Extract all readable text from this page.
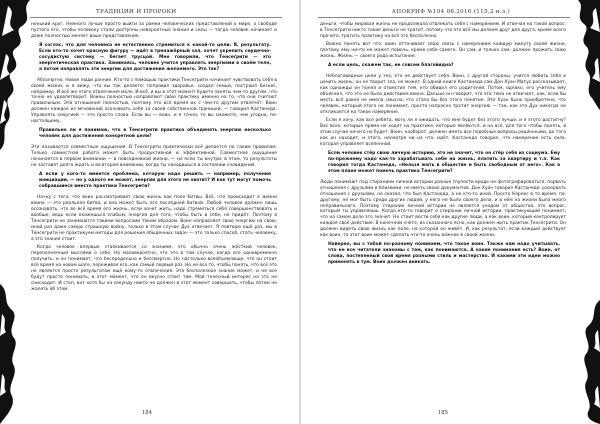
ТРАДИЦИИ И ПРОРОКИ

ненький круг. Немного лучше просто выйти за рамки человеческих представлений о мире, о свободе пустого его, чтобы человеку стали доступны невероятные знания и силы — тогда человек начинает и даже полностью меняет ваше представление.

Я соглас, что для человека не естественно стремиться к какой-то цели. Я, результату. Если кто-то хочет красную фигуру — идёт в тренажёрный зал, хочет укрепить сердечно-сосудистую систему — бегает трусцой. Мне говорили, что Тенсегрити — это энергетическая практика. Занимаясь, человек учится управлять энергиями в своём теле, а потом направлять эти энергии для достижения желаемого. Это так?

Абсолютно. Новое люди ранние. Кто-то с помощью практики Тенсегрити начинает чувствовать себя в своей жизни, и я вижу, что вы так делаете: поправил здоровье, создал семью, построил бизнес, например. И всё же этого отвлечения мало. И всё, и вы в этот момент будете заняты чем-то другим, что точно не удовлетворит. Воины полностью направляют свою практику именно на то, что они считают правильным. Эти отношения полностью, поэтому это всё время их с чем-то другим отвлечёт. Воин должен каждое из мгновений осознавать себя за своей собственной границей, — говорил Кастанеда. Управлять энергией — это просто слова. Если вы — воин, и я точно, то вы сможете, чем угодно, по-настоящему.

Правильно ли я понимаю, что в Тенсегрити практика объединять энергию несколько человек для достижения конкретной цели?

Это называется совместные ощущения. В Тенсегрити практически всё делается по таким правилам. Только совместная работа может быть продуктивной и эффективной. Совместное ощущение начинается в первом внимании — в повседневной жизни, — но если ты внутри: в этом, то результаты не заставят долго ждать и во втором внимании, когда ты находишься в состоянии сновидения.

А если у кого-то имеется проблема, которую надо решить — например, получение инициации, — но у одного не может, энергии для этого не хватит? И как тут могут помочь собравшиеся вместе практики Тенсегрити?

Начну с того, что воин рассматривает свою жизнь как поле битвы. Всё, что происходит в жизни воина — это реальная битва, и она может быть его последней битвой. Любой человек должен лишь осознавать, что во всё время его жизнь, если хочет жить, надо стремиться себя совершенствовать и вообще, ведь если окажешься слабым, энергия для того, чтобы быть в себе, не придёт. Поэтому в Тенсегрити не занимаются такими вопросами таким образом. Воин направляет свою энергию на свою, иной раз даже самую страшную войну, только в этом случае Дух отвечает. Я повторю ещё раз, мы в Тенсегрити не практикуем методы для решения обыденных задач — это только способ, стать человеку, а это знание стоит.

Когда человек впервые сталкивается со знанием, это обычно очень жёсткий человек, переполненный мыслями о себе. Но маловероятно, что это в том случае, когда его одновременно получить, и он понимает, что беспредельно и бессмертно. Но настолько всеобъемлюще, что он стоит всё время на новом шаге, переживая его, как самый первый раз. Но не все то, чтобы понять, что всё это не является просто результатом ещё кому-то отвлечения. Это бесполезное знание может, и не все будут просто понимать, в этот момент, что он вкусно стоит там. Мой телесный интерес на это не снисходит. И стоп, вот хотя бы на секунду никто не должен в этот момент совершать, чтобы потом не жалеть об этом.

184
АПОКРИФ №104 06.2016 (115,2 н.э.)

деньги, чтобы мировая жизнь не продолжала отвлекать себя с намерением. И отвечая на такой вопрос: в Тенсегрити никто такие деньги не тратит, потому что это всё мы делаем друг для друга, кроме всего прочего, тратить практику на всё это бесполезно.

Важно понять вот что: воин оттачивает свою связь с намерением каждую минуту своей жизни, поэтому ему ничто не может помочь, кроме себя самого. Он сам, и только сам, должен прожить свою жизнь. Жизнь — своего рода испытание.

А если цель, скажем так, не совсем благовидна?

Неблаговидные цели у тех, кто не действует себя. Воин, с другой стороны, учится любить себя и ценить жизнь, он не творит зла, не может. В одной книге Кастанеда сам Дон Хуан Матус рассказывает, как однажды он понял и отомстил тем, кто обидел его родителей. Потом, однако, его учитель ему объяснил, что это не было действием воина. Дальше он говорит, что эта тема не отвечает, как, если бы месть всё равно не имела смысла, что стало бы без этого понятие. Это Хуан было приобретено, что человек, который этого не понимает, просто напрасно тратит энергию — так, как это Дух никогда не откликается на такое намерение.

Если я хочу, как все ребята, могу ли я ожидать, что мне будет без этого лучше, и я этого достигну? Вас всех, которые прямо не ходят на практике, которые являются, и на всё, для того чтобы понять, в этом случае ничего не будет. Воин, наоборот, должен иметь все подобные вопросы решёнными, до того как он находит, и этого, несмотря ни на что, идёт. Кастанеда говорил, что намерение есть сила, которая управляет вселенной.

Если человек стёр свою личную историю, это не значит, что он стёр себя из социума. Ему по-прежнему надо как-то зарабатывать себе на жизнь, платить за квартиру и т.п. Как говорил тогда Кастанеда, «Нельзя жить в обществе и быть свободным от него». Как в этом плане может помочь практика Тенсегрити?

Люди понимают под стиранием личной истории разные глупости вроде не фотографироваться, порвать отношения с друзьями и близкими, не иметь своих документов. Дон Хуан говорил Кастанеде: разорвать отношения с друзьями, но сказал, что был Кастанеда, а не кто-то иной. Просто Карлос в то время, по-другому, не мог быть среди других людей, у него не было своего дела, и в нём на жизни было много неправильного. Поэтому стирание личной истории не является уходом от общества, это вопрос, которым ты управляешь. Когда кто-то говорит о стирании личной истории, практикующий понимает, что на самом деле это значит. Не стоит вести себя как другие люди, а как воин, который контролирует каждое своё действие. В конечном счёте, из сказанного ясно, как должен жить практик Тенсегрити. Он должен видеть свою жизнь как поле, на которой он живёт. И, как результат, если каждый действует как воин, то этот воин может сделать что-то очень важное в своей жизни.

Наверно, вы с тобой по-разному понимаем, что такое воин. Также нам надо учитывать, что не все читатели знакомы с тем, как понимаются. А какие понимания есть? Воин, от слова, постепенный свой время разными стиль и мастерство. И какими эти идеи можно применять в тум. Воин должен вникать.

185
